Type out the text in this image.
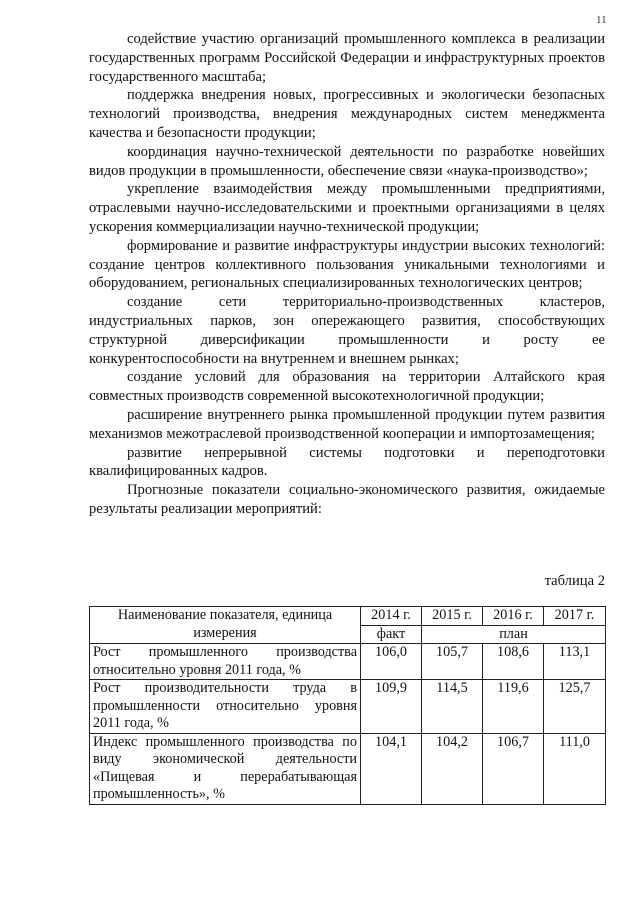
11

содействие участию организаций промышленного комплекса в реализации государственных программ Российской Федерации и инфраструктурных проектов государственного масштаба;

поддержка внедрения новых, прогрессивных и экологически безопасных технологий производства, внедрения международных систем менеджмента качества и безопасности продукции;

координация научно-технической деятельности по разработке новейших видов продукции в промышленности, обеспечение связи «наука-производство»;

укрепление взаимодействия между промышленными предприятиями, отраслевыми научно-исследовательскими и проектными организациями в целях ускорения коммерциализации научно-технической продукции;

формирование и развитие инфраструктуры индустрии высоких технологий: создание центров коллективного пользования уникальными технологиями и оборудованием, региональных специализированных технологических центров;

создание сети территориально-производственных кластеров, индустриальных парков, зон опережающего развития, способствующих структурной диверсификации промышленности и росту ее конкурентоспособности на внутреннем и внешнем рынках;

создание условий для образования на территории Алтайского края совместных производств современной высокотехнологичной продукции;

расширение внутреннего рынка промышленной продукции путем развития механизмов межотраслевой производственной кооперации и импортозамещения;

развитие непрерывной системы подготовки и переподготовки квалифицированных кадров.

Прогнозные показатели социально-экономического развития, ожидаемые результаты реализации мероприятий:

таблица 2
Наименование показателя, единица измерения	2014 г.	2015 г.	2016 г.	2017 г.
	факт	план		
Рост промышленного производства относительно уровня 2011 года, %	106,0	105,7	108,6	113,1
Рост производительности труда в промышленности относительно уровня 2011 года, %	109,9	114,5	119,6	125,7
Индекс промышленного производства по виду экономической деятельности «Пищевая и перерабатывающая промышленность», %	104,1	104,2	106,7	111,0
